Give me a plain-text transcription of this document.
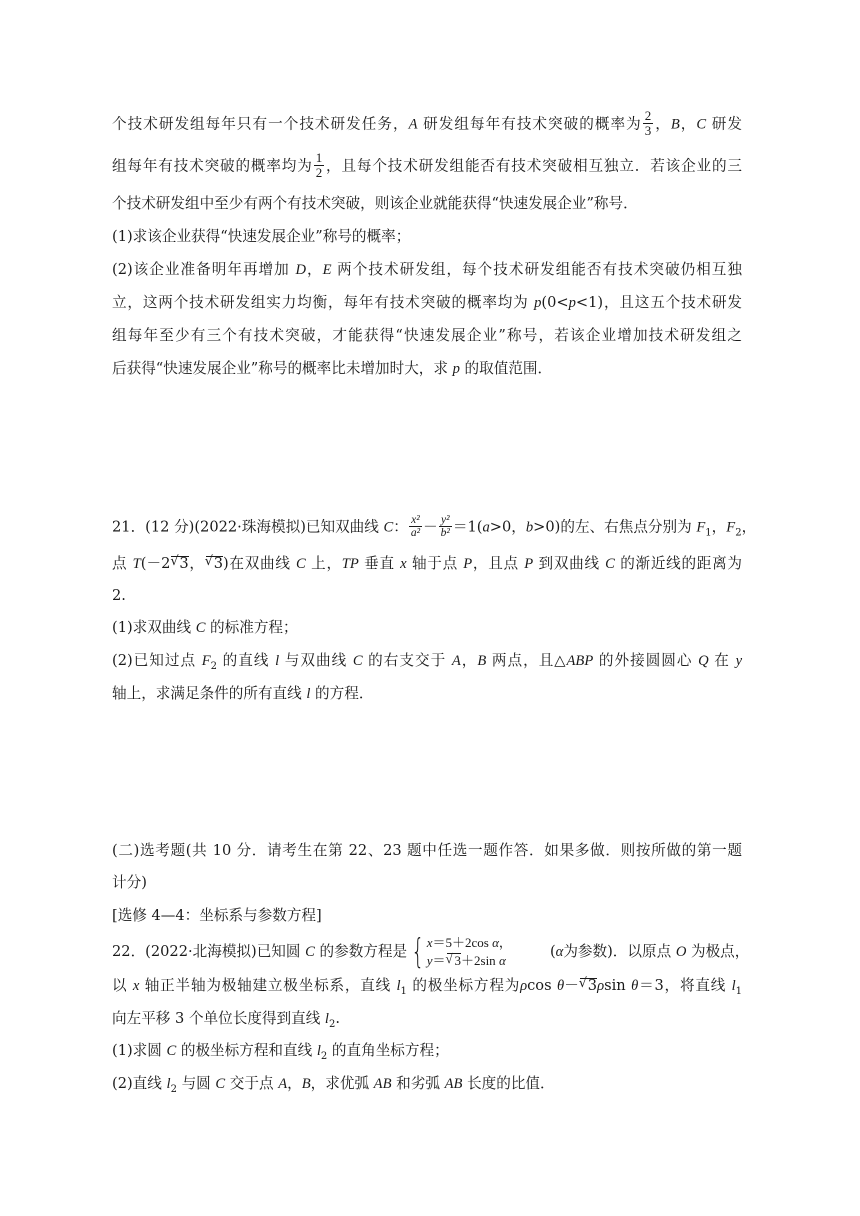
个技术研发组每年只有一个技术研发任务，A 研发组每年有技术突破的概率为 $\frac{2}{3}$ ，B，C 研发
组每年有技术突破的概率均为 $\frac{1}{2}$ ，且每个技术研发组能否有技术突破相互独立．若该企业的三
个技术研发组中至少有两个有技术突破，则该企业就能获得“快速发展企业”称号．
(1)求该企业获得“快速发展企业”称号的概率；
(2)该企业准备明年再增加 D，E 两个技术研发组，每个技术研发组能否有技术突破仍相互独
立，这两个技术研发组实力均衡，每年有技术突破的概率均为 p(0<p<1)，且这五个技术研发
组每年至少有三个有技术突破，才能获得“快速发展企业”称号，若该企业增加技术研发组之
后获得“快速发展企业”称号的概率比未增加时大，求 p 的取值范围．
21．(12 分)(2022·珠海模拟)已知双曲线 C： $\frac{\text{x²}}{\text{a²}} - \frac{\text{y²}}{\text{b²}} =1(a>0$，b>0)的左、右焦点分别为 $F_1$，$F_2$，
点 T(－2 √ 3， √ 3)在双曲线 C 上，TP 垂直 x 轴于点 P，且点 P 到双曲线 C 的渐近线的距离为
2.
(1)求双曲线 C 的标准方程；
(2)已知过点 $F_2$ 的直线 l 与双曲线 C 的右支交于 A，B 两点，且△ABP 的外接圆圆心 Q 在 y
轴上，求满足条件的所有直线 l 的方程．
(二)选考题(共 10 分．请考生在第 22、23 题中任选一题作答．如果多做．则按所做的第一题
计分)
[选修 4—4：坐标系与参数方程]
22．(2022·北海模拟)已知圆 C 的参数方程是 { x＝5＋2cos α，
y＝ √ 3＋2sin α
(α为参数)．以原点 O 为极点，
以 x 轴正半轴为极轴建立极坐标系，直线 $l_1$ 的极坐标方程为ρcos θ－ √ 3ρsin θ＝3，将直线 $l_1$
向左平移 3 个单位长度得到直线 $l_2$.
(1)求圆 C 的极坐标方程和直线 $l_2$ 的直角坐标方程；
(2)直线 $l_2$ 与圆 C 交于点 A，B，求优弧 AB 和劣弧 AB 长度的比值．
